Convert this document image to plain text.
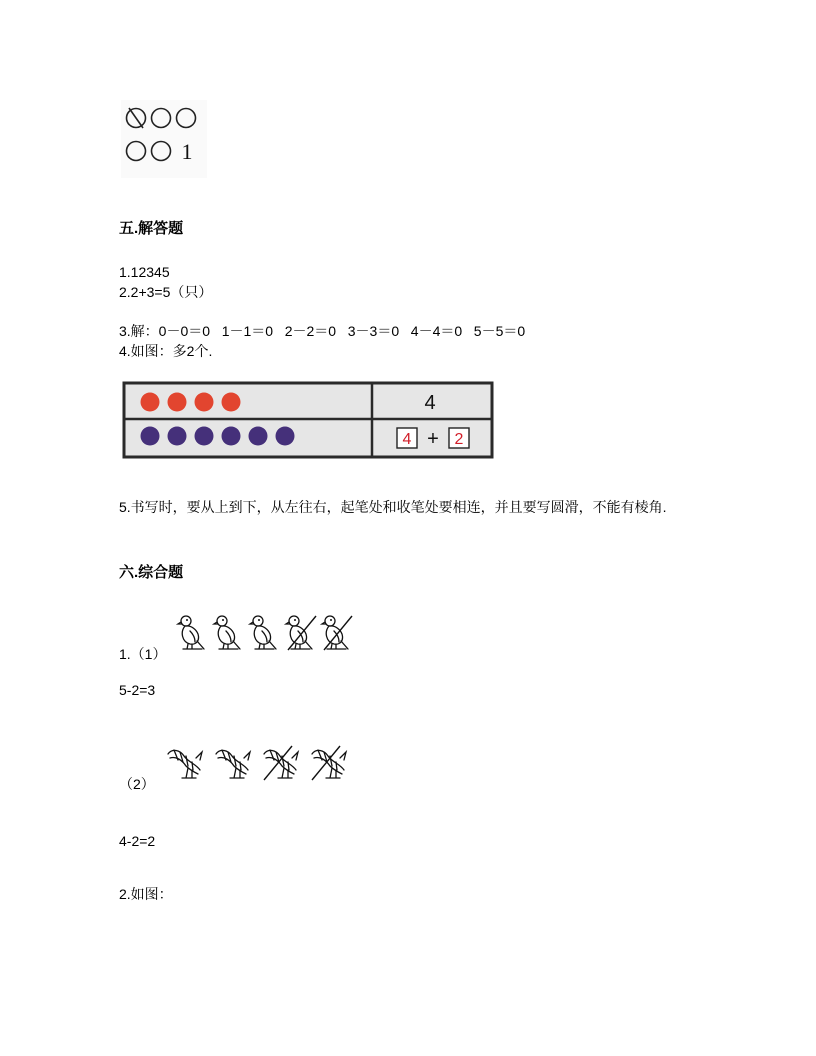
1
五.解答题
1.12345
2.2+3=5（只）
3.解：0－0＝0   1－1＝0   2－2＝0   3－3＝0   4－4＝0   5－5＝0
4.如图：多2个.
4
4 + 2
5.书写时，要从上到下，从左往右，起笔处和收笔处要相连，并且要写圆滑，不能有棱角.
六.综合题
1.（1）
5-2=3
（2）
4-2=2
2.如图：
